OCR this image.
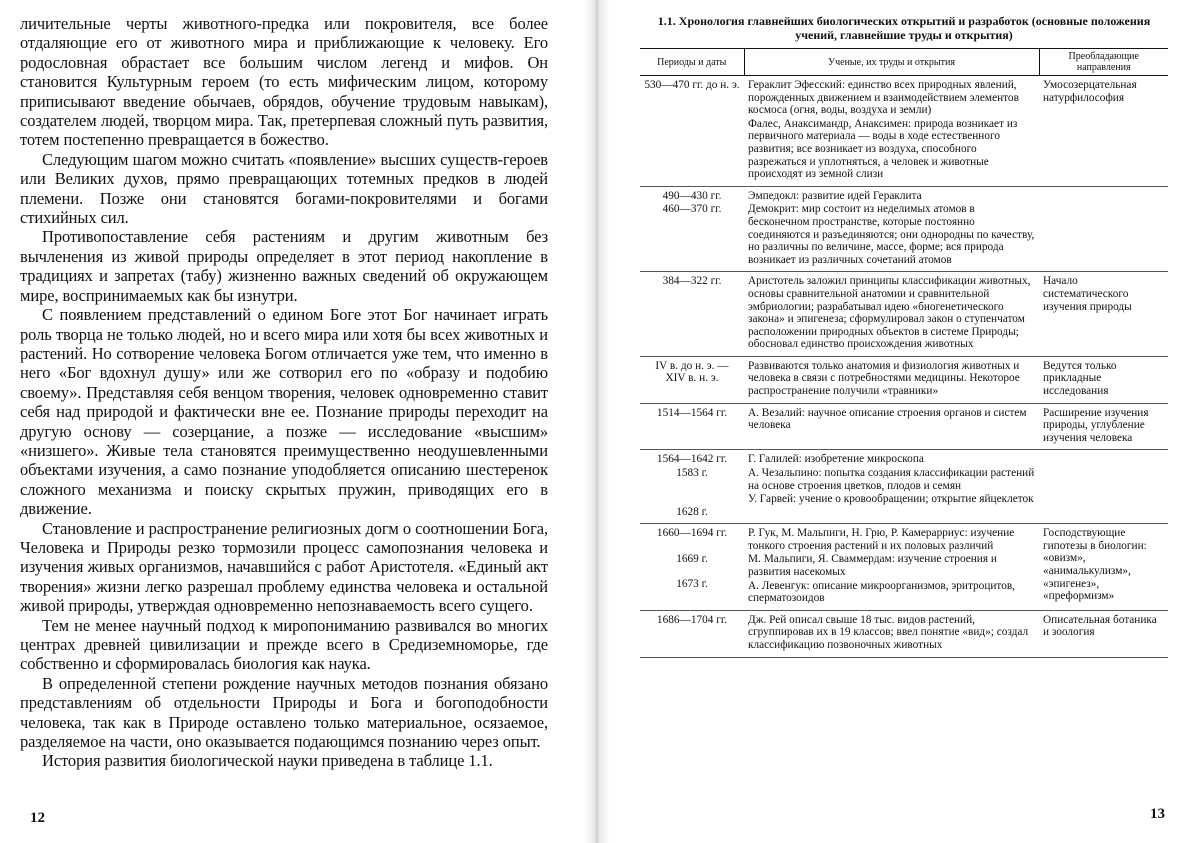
личительные черты животного-предка или покровителя, все более отдаляющие его от животного мира и приближающие к человеку. Его родословная обрастает все большим числом легенд и мифов. Он становится Культурным героем (то есть мифическим лицом, которому приписывают введение обычаев, обрядов, обучение трудовым навыкам), создателем людей, творцом мира. Так, претерпевая сложный путь развития, тотем постепенно превращается в божество.

Следующим шагом можно считать «появление» высших существ-героев или Великих духов, прямо превращающих тотемных предков в людей племени. Позже они становятся богами-покровителями и богами стихийных сил.

Противопоставление себя растениям и другим животным без вычленения из живой природы определяет в этот период накопление в традициях и запретах (табу) жизненно важных сведений об окружающем мире, воспринимаемых как бы изнутри.

С появлением представлений о едином Боге этот Бог начинает играть роль творца не только людей, но и всего мира или хотя бы всех животных и растений. Но сотворение человека Богом отличается уже тем, что именно в него «Бог вдохнул душу» или же сотворил его по «образу и подобию своему». Представляя себя венцом творения, человек одновременно ставит себя над природой и фактически вне ее. Познание природы переходит на другую основу — созерцание, а позже — исследование «высшим» «низшего». Живые тела становятся преимущественно неодушевленными объектами изучения, а само познание уподобляется описанию шестеренок сложного механизма и поиску скрытых пружин, приводящих его в движение.

Становление и распространение религиозных догм о соотношении Бога, Человека и Природы резко тормозили процесс самопознания человека и изучения живых организмов, начавшийся с работ Аристотеля. «Единый акт творения» жизни легко разрешал проблему единства человека и остальной живой природы, утверждая одновременно непознаваемость всего сущего.

Тем не менее научный подход к миропониманию развивался во многих центрах древней цивилизации и прежде всего в Средиземноморье, где собственно и сформировалась биология как наука.

В определенной степени рождение научных методов познания обязано представлениям об отдельности Природы и Бога и богоподобности человека, так как в Природе оставлено только материальное, осязаемое, разделяемое на части, оно оказывается подающимся познанию через опыт.

История развития биологической науки приведена в таблице 1.1.

12
1.1. Хронология главнейших биологических открытий и разработок (основные положения учений, главнейшие труды и открытия)
Периоды и даты	Ученые, их труды и открытия	Преобладающие направления

530—470 гг. до н. э.	Гераклит Эфесский: единство всех природных явлений, порожденных движением и взаимодействием элементов космоса (огня, воды, воздуха и земли)
Фалес, Анаксимандр, Анаксимен: природа возникает из первичного материала — воды в ходе естественного развития; все возникает из воздуха, способного разрежаться и уплотняться, а человек и животные происходят из земной слизи
	Умосозерцательная натурфилософия

490—430 гг.
460—370 гг.

Эмпедокл: развитие идей Гераклита
Демокрит: мир состоит из неделимых атомов в бесконечном пространстве, которые постоянно соединяются и разъединяются; они однородны по качеству, но различны по величине, массе, форме; вся природа возникает из различных сочетаний атомов

384—322 гг.	Аристотель заложил принципы классификации животных, основы сравнительной анатомии и сравнительной эмбриологии; разрабатывал идею «биогенетического закона» и эпигенеза; сформулировал закон о ступенчатом расположении природных объектов в системе Природы; обосновал единство происхождения животных
	Начало систематического изучения природы

IV в. до н. э. — XIV в. н. э.

Развиваются только анатомия и физиология животных и человека в связи с потребностями медицины. Некоторое распространение получили «травники»
	Ведутся только прикладные исследования

1514—1564 гг.	А. Везалий: научное описание строения органов и систем человека
	Расширение изучения природы, углубление изучения человека

1564—1642 гг.
1583 г.
1628 г.

Г. Галилей: изобретение микроскопа
А. Чезальпино: попытка создания классификации растений на основе строения цветков, плодов и семян
У. Гарвей: учение о кровообращении; открытие яйцеклеток

1660—1694 гг.
1669 г.
1673 г.

Р. Гук, М. Мальпиги, Н. Грю, Р. Камерарриус: изучение тонкого строения растений и их половых различий
М. Мальпиги, Я. Сваммердам: изучение строения и развития насекомых
А. Левенгук: описание микроорганизмов, эритроцитов, сперматозоидов
	Господствующие гипотезы в биологии: «овизм», «анималькулизм», «эпигенез», «преформизм»

1686—1704 гг.	Дж. Рей описал свыше 18 тыс. видов растений, сгруппировав их в 19 классов; ввел понятие «вид»; создал классификацию позвоночных животных
	Описательная ботаника и зоология
13
